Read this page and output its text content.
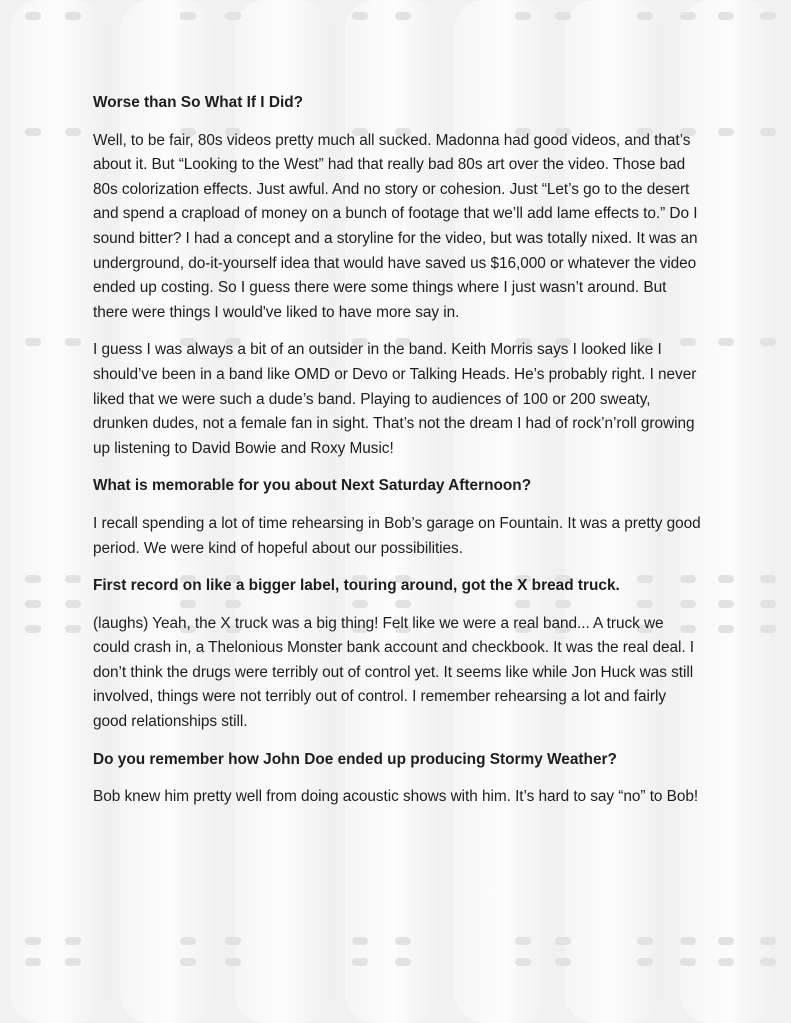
Worse than So What If I Did?

Well, to be fair, 80s videos pretty much all sucked. Madonna had good videos, and that’s about it. But “Looking to the West” had that really bad 80s art over the video. Those bad 80s colorization effects. Just awful. And no story or cohesion. Just “Let’s go to the desert and spend a crapload of money on a bunch of footage that we’ll add lame effects to.” Do I sound bitter? I had a concept and a storyline for the video, but was totally nixed. It was an underground, do-it-yourself idea that would have saved us $16,000 or whatever the video ended up costing. So I guess there were some things where I just wasn’t around. But there were things I would've liked to have more say in.

I guess I was always a bit of an outsider in the band. Keith Morris says I looked like I should’ve been in a band like OMD or Devo or Talking Heads. He’s probably right. I never liked that we were such a dude’s band. Playing to audiences of 100 or 200 sweaty, drunken dudes, not a female fan in sight. That’s not the dream I had of rock’n’roll growing up listening to David Bowie and Roxy Music!

What is memorable for you about Next Saturday Afternoon?

I recall spending a lot of time rehearsing in Bob’s garage on Fountain. It was a pretty good period. We were kind of hopeful about our possibilities.

First record on like a bigger label, touring around, got the X bread truck.

(laughs) Yeah, the X truck was a big thing! Felt like we were a real band... A truck we could crash in, a Thelonious Monster bank account and checkbook. It was the real deal. I don’t think the drugs were terribly out of control yet. It seems like while Jon Huck was still involved, things were not terribly out of control. I remember rehearsing a lot and fairly good relationships still.

Do you remember how John Doe ended up producing Stormy Weather?

Bob knew him pretty well from doing acoustic shows with him. It’s hard to say “no” to Bob!
